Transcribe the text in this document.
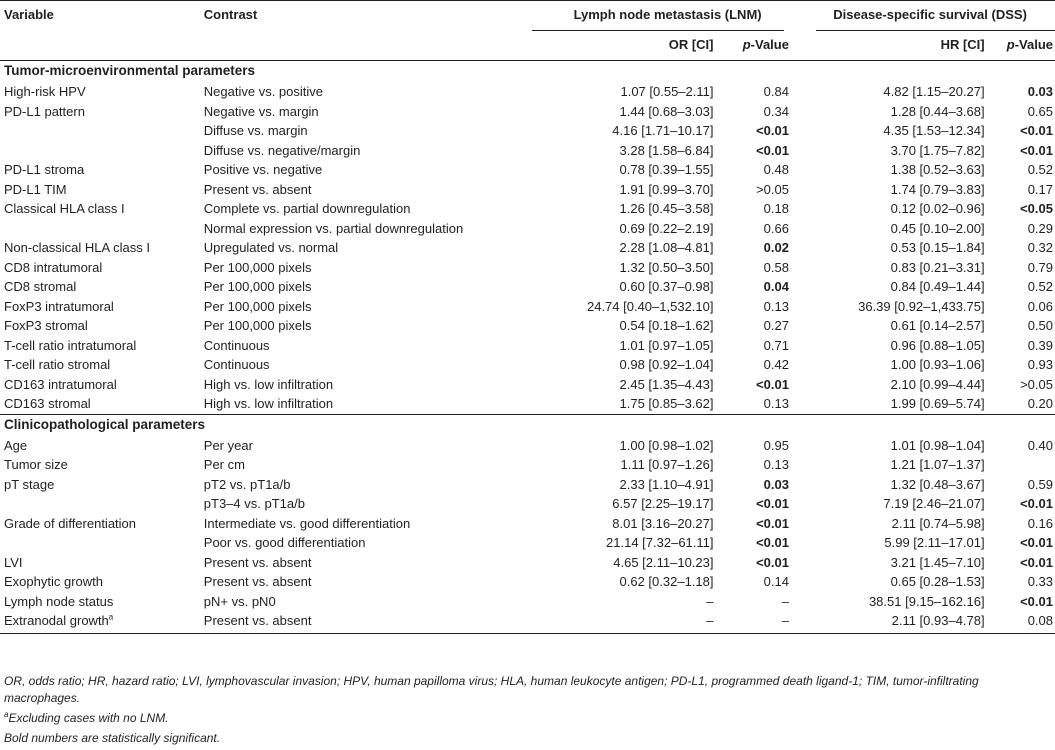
Variable	Contrast	Lymph node metastasis (LNM)			Disease-specific survival (DSS)	
		OR [CI]	p-Value		HR [CI]	p-Value
Tumor-microenvironmental parameters						
High-risk HPV	Negative vs. positive	1.07 [0.55–2.11]	0.84		4.82 [1.15–20.27]	0.03
PD-L1 pattern	Negative vs. margin	1.44 [0.68–3.03]	0.34		1.28 [0.44–3.68]	0.65
	Diffuse vs. margin	4.16 [1.71–10.17]	<0.01		4.35 [1.53–12.34]	<0.01
	Diffuse vs. negative/margin	3.28 [1.58–6.84]	<0.01		3.70 [1.75–7.82]	<0.01
PD-L1 stroma	Positive vs. negative	0.78 [0.39–1.55]	0.48		1.38 [0.52–3.63]	0.52
PD-L1 TIM	Present vs. absent	1.91 [0.99–3.70]	>0.05		1.74 [0.79–3.83]	0.17
Classical HLA class I	Complete vs. partial downregulation	1.26 [0.45–3.58]	0.18		0.12 [0.02–0.96]	<0.05
	Normal expression vs. partial downregulation	0.69 [0.22–2.19]	0.66		0.45 [0.10–2.00]	0.29
Non-classical HLA class I	Upregulated vs. normal	2.28 [1.08–4.81]	0.02		0.53 [0.15–1.84]	0.32
CD8 intratumoral	Per 100,000 pixels	1.32 [0.50–3.50]	0.58		0.83 [0.21–3.31]	0.79
CD8 stromal	Per 100,000 pixels	0.60 [0.37–0.98]	0.04		0.84 [0.49–1.44]	0.52
FoxP3 intratumoral	Per 100,000 pixels	24.74 [0.40–1,532.10]	0.13		36.39 [0.92–1,433.75]	0.06
FoxP3 stromal	Per 100,000 pixels	0.54 [0.18–1.62]	0.27		0.61 [0.14–2.57]	0.50
T-cell ratio intratumoral	Continuous	1.01 [0.97–1.05]	0.71		0.96 [0.88–1.05]	0.39
T-cell ratio stromal	Continuous	0.98 [0.92–1.04]	0.42		1.00 [0.93–1.06]	0.93
CD163 intratumoral	High vs. low infiltration	2.45 [1.35–4.43]	<0.01		2.10 [0.99–4.44]	>0.05
CD163 stromal	High vs. low infiltration	1.75 [0.85–3.62]	0.13		1.99 [0.69–5.74]	0.20
Clinicopathological parameters						
Age	Per year	1.00 [0.98–1.02]	0.95		1.01 [0.98–1.04]	0.40
Tumor size	Per cm	1.11 [0.97–1.26]	0.13		1.21 [1.07–1.37]	
pT stage	pT2 vs. pT1a/b	2.33 [1.10–4.91]	0.03		1.32 [0.48–3.67]	0.59
	pT3–4 vs. pT1a/b	6.57 [2.25–19.17]	<0.01		7.19 [2.46–21.07]	<0.01
Grade of differentiation	Intermediate vs. good differentiation	8.01 [3.16–20.27]	<0.01		2.11 [0.74–5.98]	0.16
	Poor vs. good differentiation	21.14 [7.32–61.11]	<0.01		5.99 [2.11–17.01]	<0.01
LVI	Present vs. absent	4.65 [2.11–10.23]	<0.01		3.21 [1.45–7.10]	<0.01
Exophytic growth	Present vs. absent	0.62 [0.32–1.18]	0.14		0.65 [0.28–1.53]	0.33
Lymph node status	pN+ vs. pN0	–	–		38.51 [9.15–162.16]	<0.01
Extranodal growth$^a$	Present vs. absent	–	–		2.11 [0.93–4.78]	0.08
OR, odds ratio; HR, hazard ratio; LVI, lymphovascular invasion; HPV, human papilloma virus; HLA, human leukocyte antigen; PD-L1, programmed death ligand-1; TIM, tumor-infiltrating macrophages.
$^a$Excluding cases with no LNM.
Bold numbers are statistically significant.
